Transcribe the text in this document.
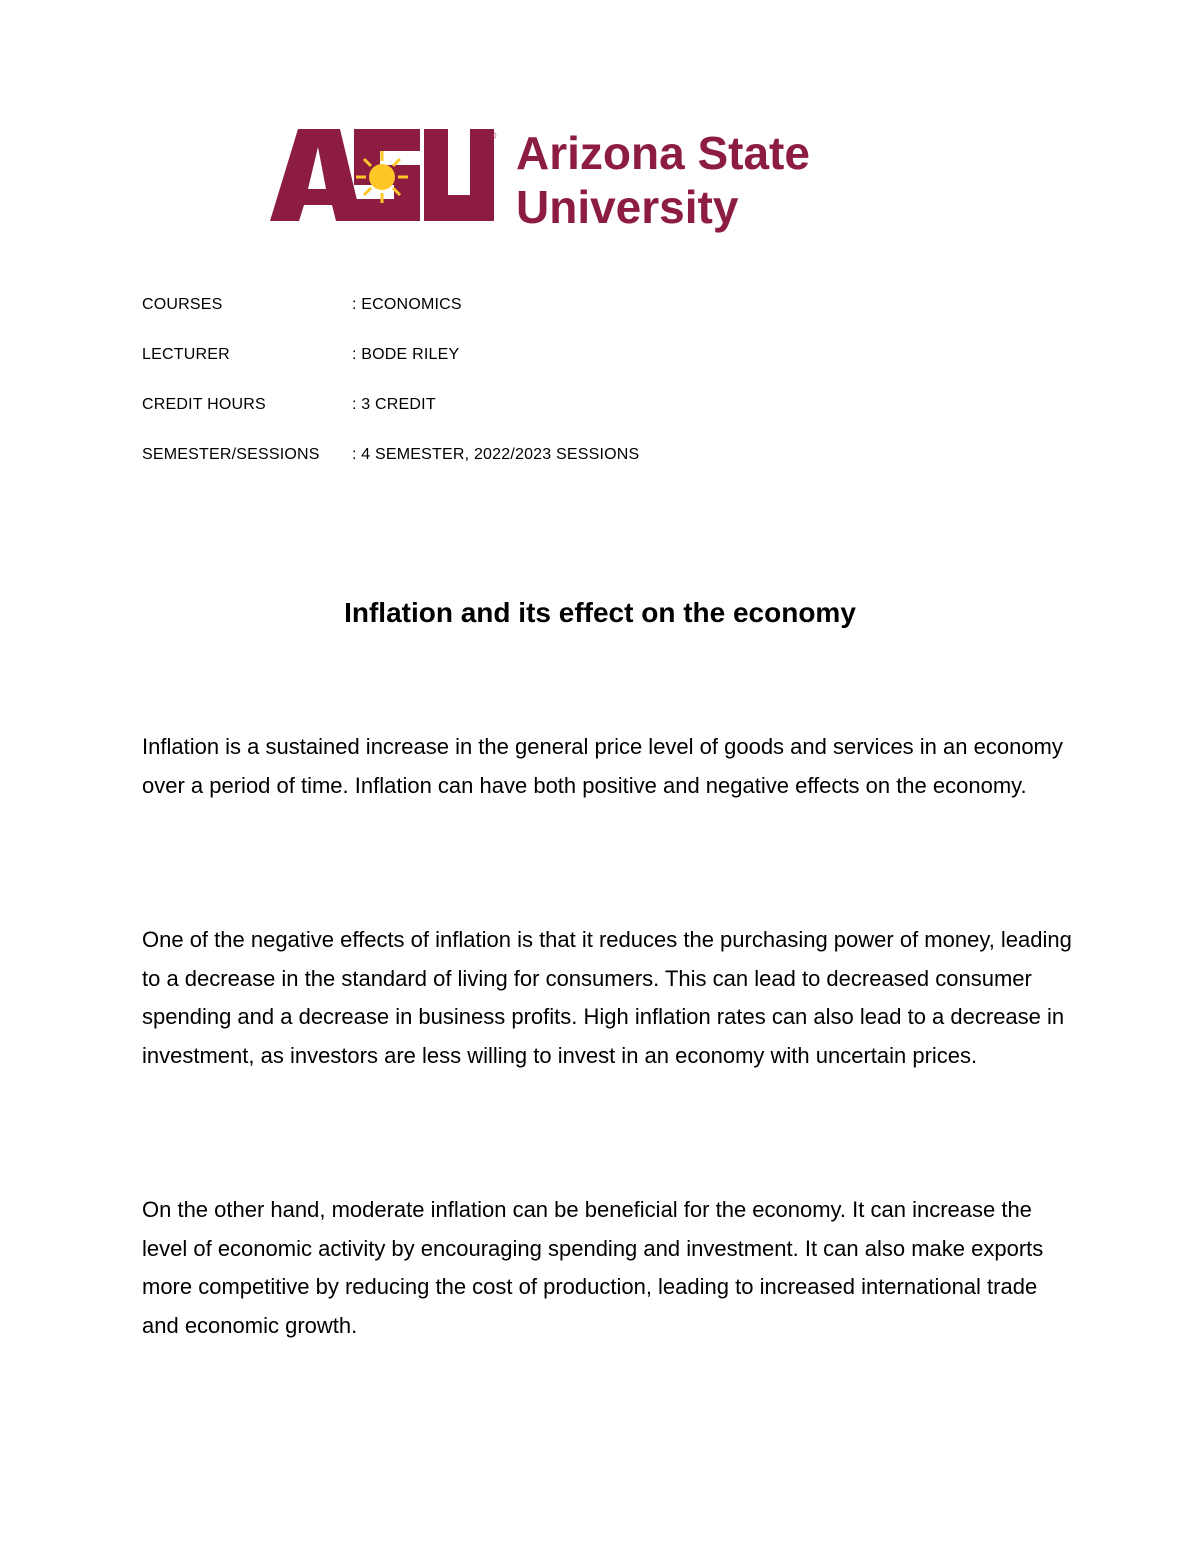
® Arizona State
University
COURSES	: ECONOMICS
LECTURER	: BODE RILEY
CREDIT HOURS	: 3 CREDIT
SEMESTER/SESSIONS : 4 SEMESTER, 2022/2023 SESSIONS
Inflation and its effect on the economy

Inflation is a sustained increase in the general price level of goods and services in an economy over a period of time. Inflation can have both positive and negative effects on the economy.

One of the negative effects of inflation is that it reduces the purchasing power of money, leading to a decrease in the standard of living for consumers. This can lead to decreased consumer spending and a decrease in business profits. High inflation rates can also lead to a decrease in investment, as investors are less willing to invest in an economy with uncertain prices.

On the other hand, moderate inflation can be beneficial for the economy. It can increase the level of economic activity by encouraging spending and investment. It can also make exports more competitive by reducing the cost of production, leading to increased international trade and economic growth.
